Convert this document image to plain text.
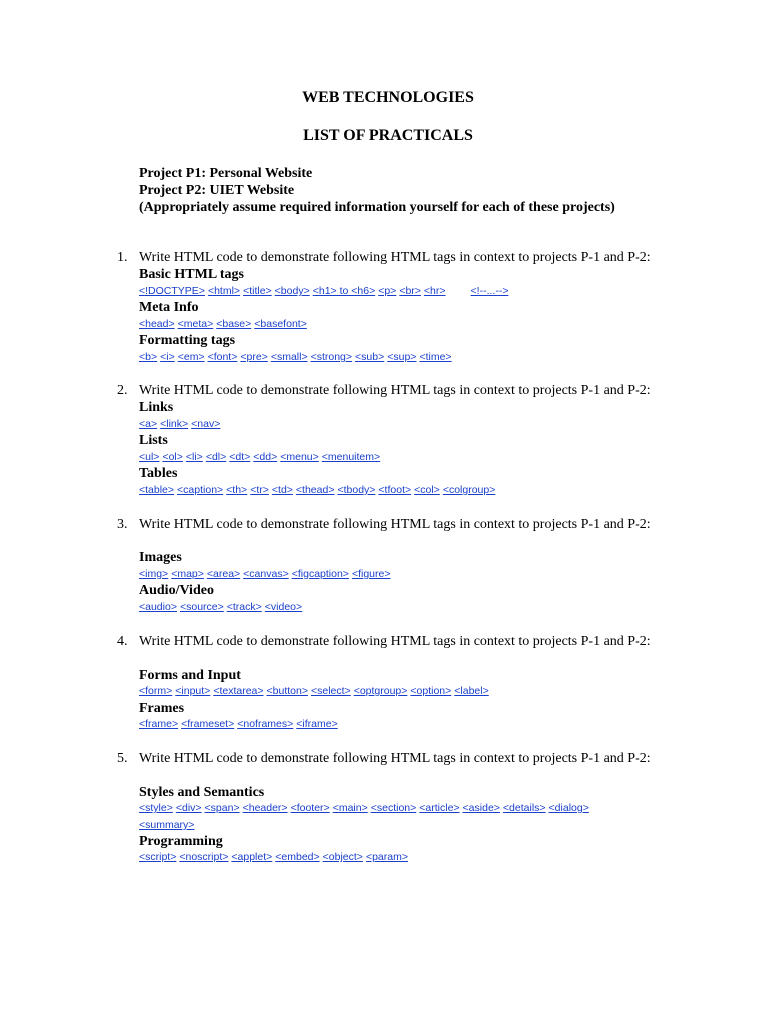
WEB TECHNOLOGIES
LIST OF PRACTICALS
Project P1: Personal Website
Project P2: UIET Website
(Appropriately assume required information yourself for each of these projects)
1. Write HTML code to demonstrate following HTML tags in context to projects P-1 and P-2:
Basic HTML tags
<!DOCTYPE> <html> <title> <body> <h1> to <h6> <p> <br> <hr> <!--...-->
Meta Info
<head> <meta> <base> <basefont>
Formatting tags
<b> <i> <em> <font> <pre> <small> <strong> <sub> <sup> <time>
2. Write HTML code to demonstrate following HTML tags in context to projects P-1 and P-2:
Links
<a> <link> <nav>
Lists
<ul> <ol> <li> <dl> <dt> <dd> <menu> <menuitem>
Tables
<table> <caption> <th> <tr> <td> <thead> <tbody> <tfoot> <col> <colgroup>
3. Write HTML code to demonstrate following HTML tags in context to projects P-1 and P-2:
Images
<img> <map> <area> <canvas> <figcaption> <figure>
Audio/Video
<audio> <source> <track> <video>
4. Write HTML code to demonstrate following HTML tags in context to projects P-1 and P-2:
Forms and Input
<form> <input> <textarea> <button> <select> <optgroup> <option> <label>
Frames
<frame> <frameset> <noframes> <iframe>
5. Write HTML code to demonstrate following HTML tags in context to projects P-1 and P-2:
Styles and Semantics
<style> <div> <span> <header> <footer> <main> <section> <article> <aside> <details> <dialog>
<summary>
Programming
<script> <noscript> <applet> <embed> <object> <param>
